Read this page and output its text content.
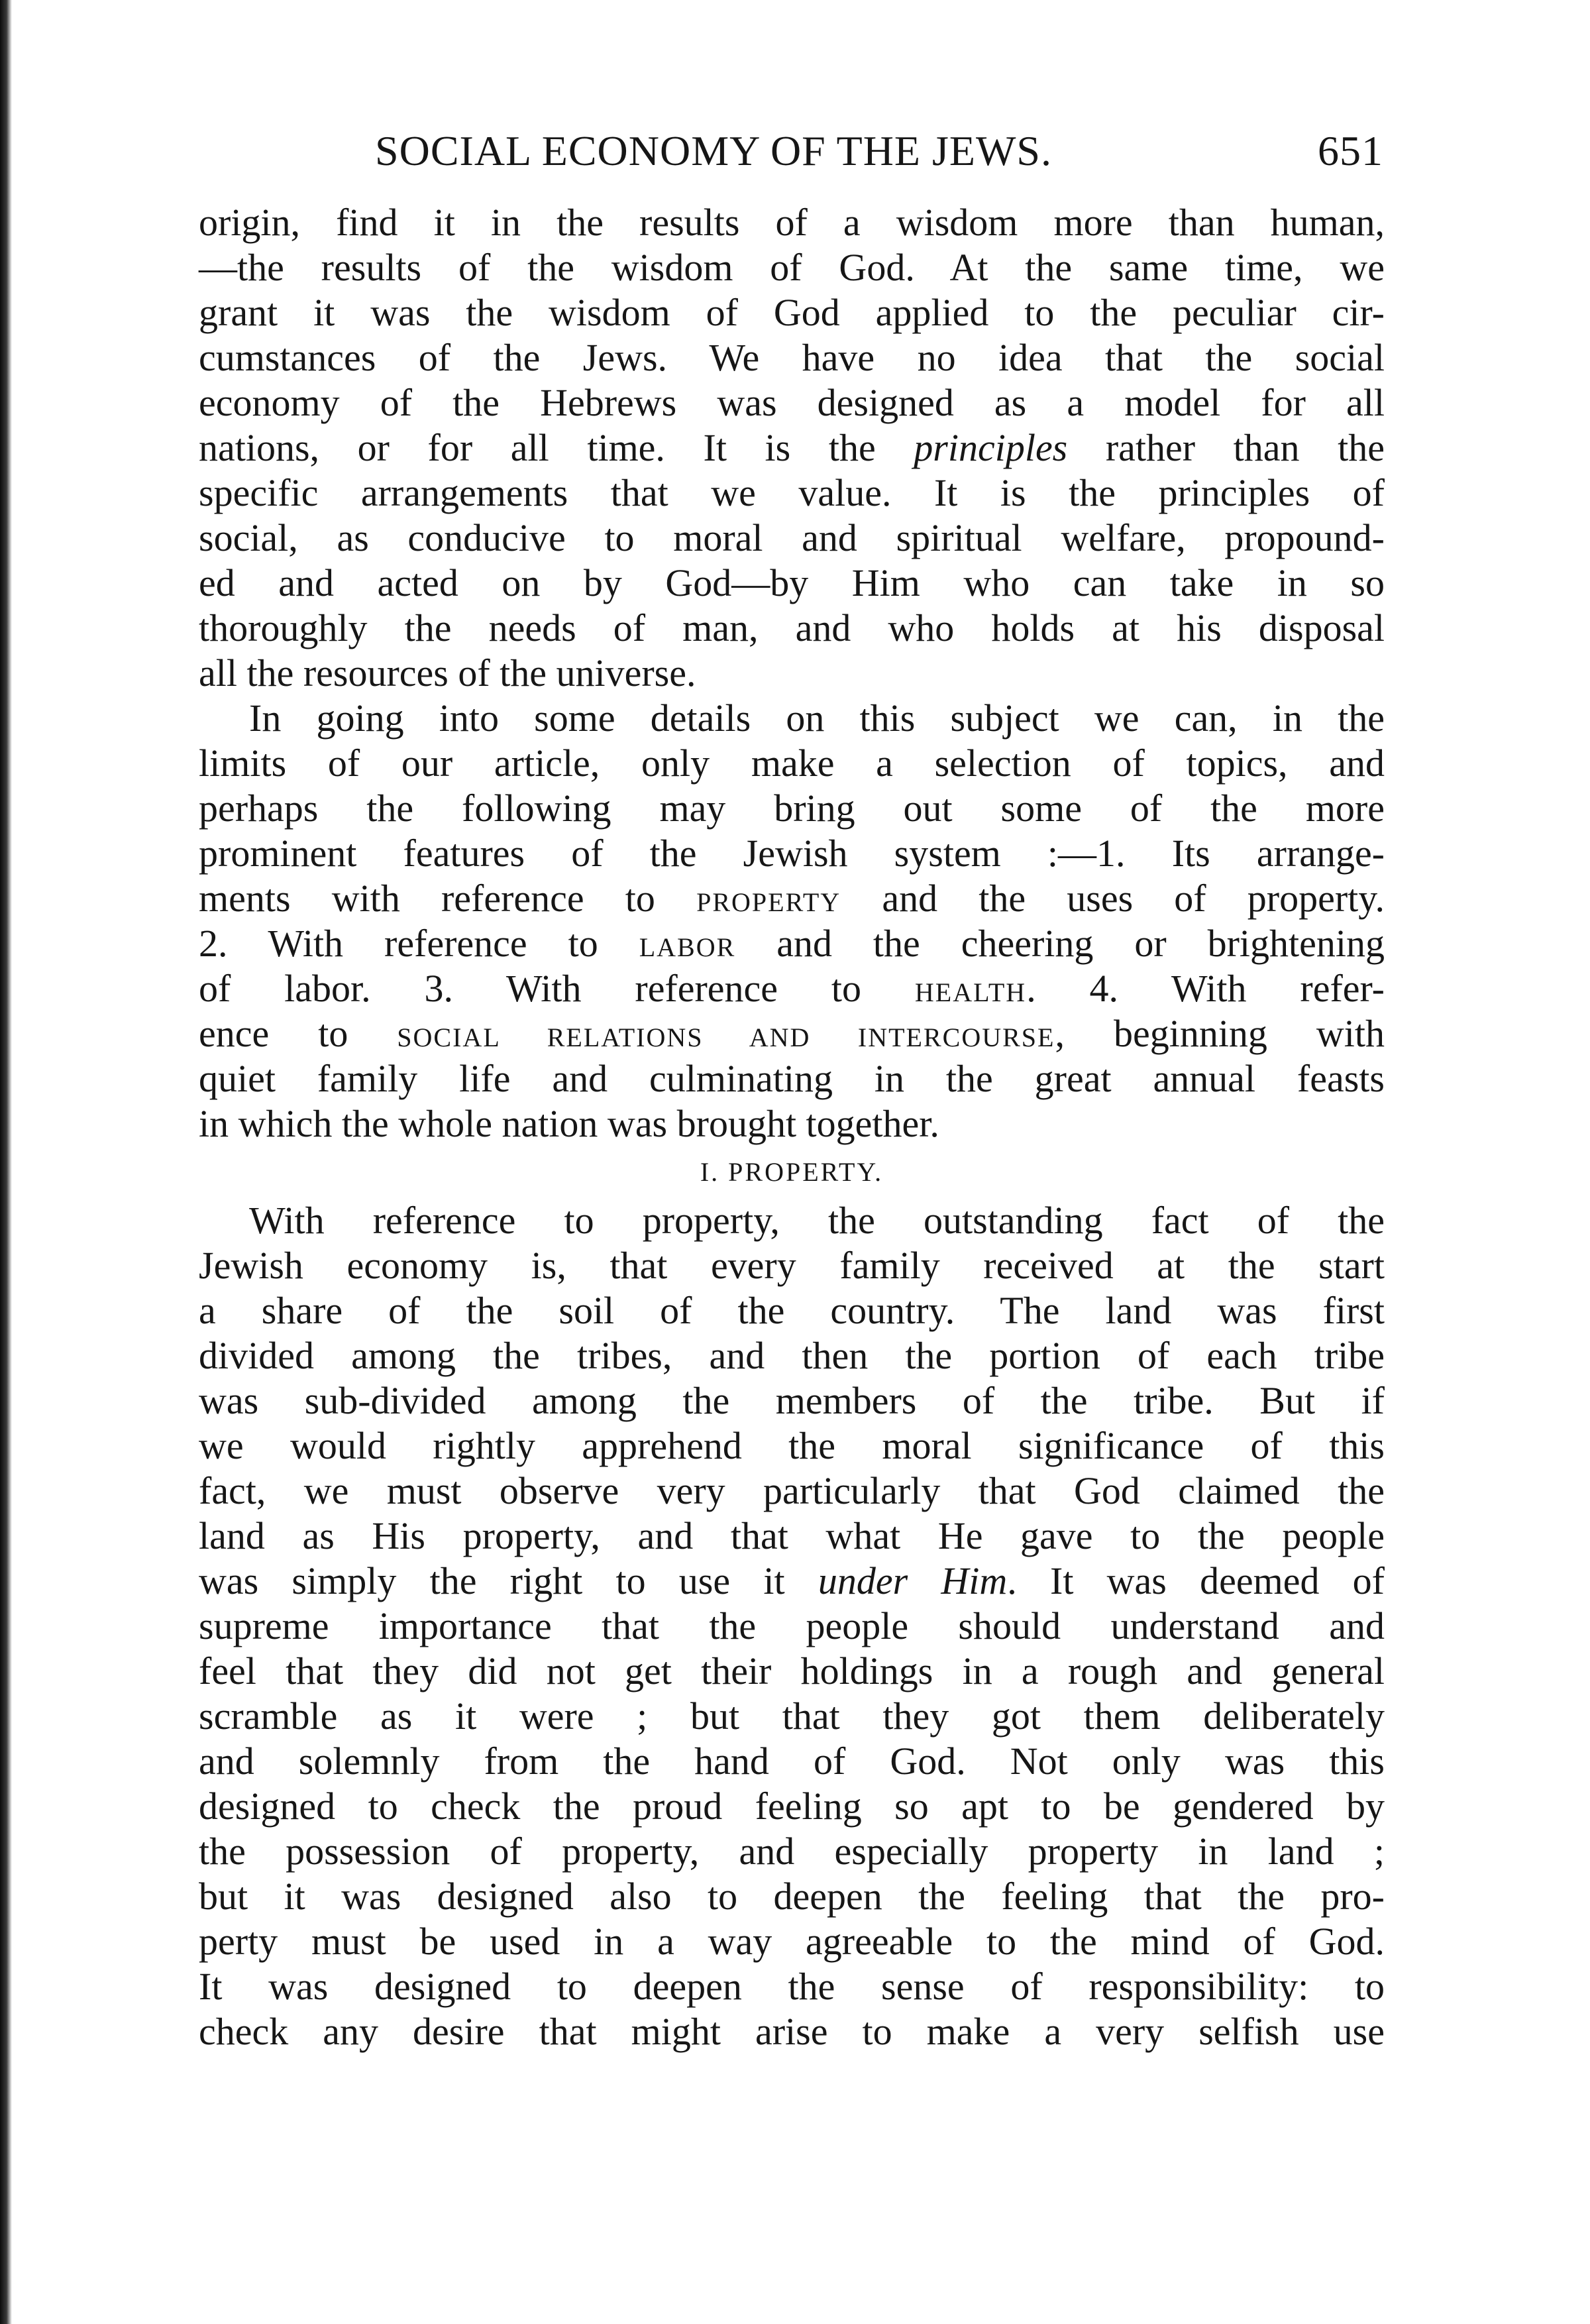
SOCIAL ECONOMY OF THE JEWS.	651
origin, find it in the results of a wisdom more than human,
—the results of the wisdom of God. At the same time, we
grant it was the wisdom of God applied to the peculiar cir-
cumstances of the Jews. We have no idea that the social
economy of the Hebrews was designed as a model for all
nations, or for all time. It is the principles rather than the
specific arrangements that we value. It is the principles of
social, as conducive to moral and spiritual welfare, propound-
ed and acted on by God—by Him who can take in so
thoroughly the needs of man, and who holds at his disposal
all the resources of the universe.
In going into some details on this subject we can, in the
limits of our article, only make a selection of topics, and
perhaps the following may bring out some of the more
prominent features of the Jewish system :—1. Its arrange-
ments with reference to PROPERTY and the uses of property.
2. With reference to LABOR and the cheering or brightening
of labor. 3. With reference to HEALTH. 4. With refer-
ence to SOCIAL RELATIONS AND INTERCOURSE, beginning with
quiet family life and culminating in the great annual feasts
in which the whole nation was brought together.
I. PROPERTY.
With reference to property, the outstanding fact of the
Jewish economy is, that every family received at the start
a share of the soil of the country. The land was first
divided among the tribes, and then the portion of each tribe
was sub-divided among the members of the tribe. But if
we would rightly apprehend the moral significance of this
fact, we must observe very particularly that God claimed the
land as His property, and that what He gave to the people
was simply the right to use it under Him. It was deemed of
supreme importance that the people should understand and
feel that they did not get their holdings in a rough and general
scramble as it were ; but that they got them deliberately
and solemnly from the hand of God. Not only was this
designed to check the proud feeling so apt to be gendered by
the possession of property, and especially property in land ;
but it was designed also to deepen the feeling that the pro-
perty must be used in a way agreeable to the mind of God.
It was designed to deepen the sense of responsibility: to
check any desire that might arise to make a very selfish use
